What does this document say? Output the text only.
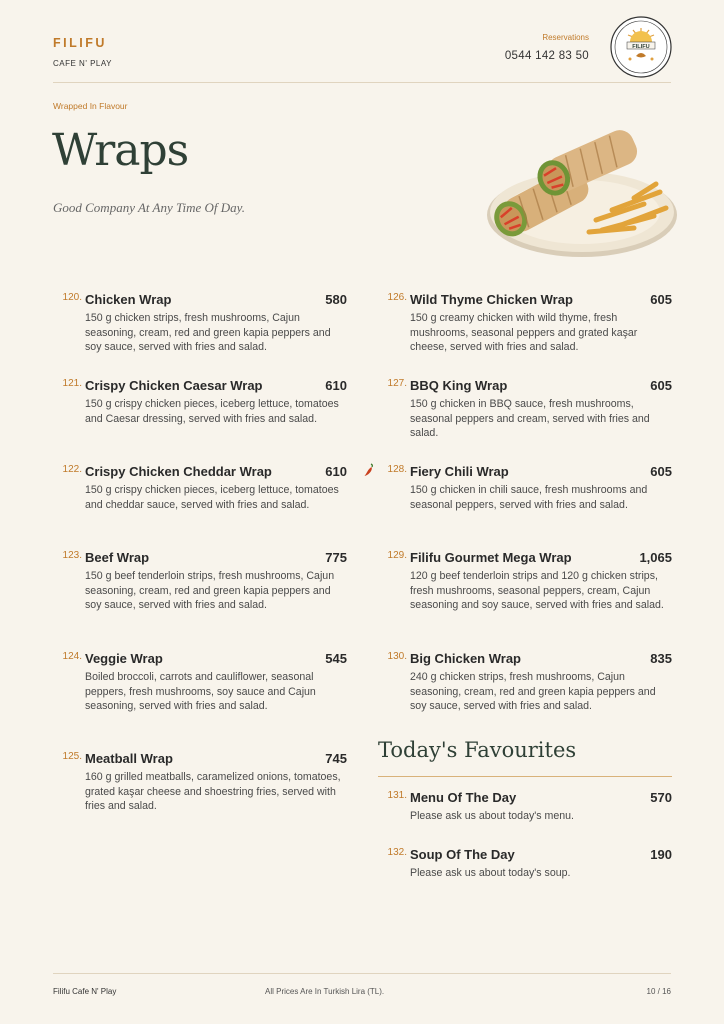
FILIFU
CAFE N' PLAY
Reservations
0544 142 83 50
FILIFU
Wrapped In Flavour
Wraps
Good Company At Any Time Of Day.
120. Chicken Wrap	580
150 g chicken strips, fresh mushrooms, Cajun seasoning, cream, red and green kapia peppers and soy sauce, served with fries and salad.
121. Crispy Chicken Caesar Wrap	610
150 g crispy chicken pieces, iceberg lettuce, tomatoes and Caesar dressing, served with fries and salad.
122. Crispy Chicken Cheddar Wrap	610
150 g crispy chicken pieces, iceberg lettuce, tomatoes and cheddar sauce, served with fries and salad.
123. Beef Wrap	775
150 g beef tenderloin strips, fresh mushrooms, Cajun seasoning, cream, red and green kapia peppers and soy sauce, served with fries and salad.
124. Veggie Wrap	545
Boiled broccoli, carrots and cauliflower, seasonal peppers, fresh mushrooms, soy sauce and Cajun seasoning, served with fries and salad.
125. Meatball Wrap	745
160 g grilled meatballs, caramelized onions, tomatoes, grated kaşar cheese and shoestring fries, served with fries and salad.
126. Wild Thyme Chicken Wrap	605
150 g creamy chicken with wild thyme, fresh mushrooms, seasonal peppers and grated kaşar cheese, served with fries and salad.
127. BBQ King Wrap	605
150 g chicken in BBQ sauce, fresh mushrooms, seasonal peppers and cream, served with fries and salad.
128. Fiery Chili Wrap	605
150 g chicken in chili sauce, fresh mushrooms and seasonal peppers, served with fries and salad.
129. Filifu Gourmet Mega Wrap	1,065
120 g beef tenderloin strips and 120 g chicken strips, fresh mushrooms, seasonal peppers, cream, Cajun seasoning and soy sauce, served with fries and salad.
130. Big Chicken Wrap	835
240 g chicken strips, fresh mushrooms, Cajun seasoning, cream, red and green kapia peppers and soy sauce, served with fries and salad.
Today's Favourites
131. Menu Of The Day	570
Please ask us about today's menu.
132. Soup Of The Day	190
Please ask us about today's soup.
Filifu Cafe N' Play	All Prices Are In Turkish Lira (TL).	10 / 16
